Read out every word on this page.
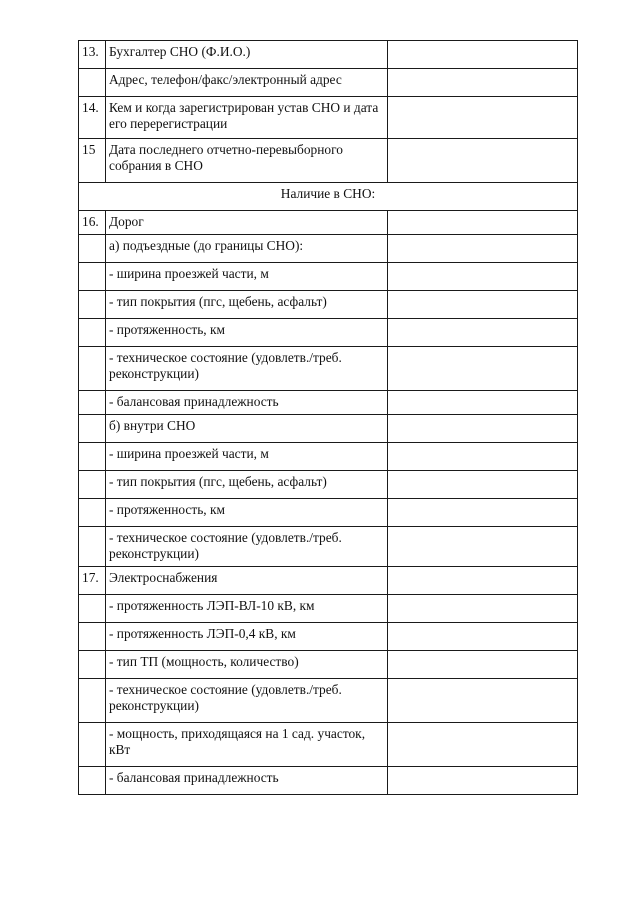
13.	Бухгалтер СНО (Ф.И.О.)	
	Адрес, телефон/факс/электронный адрес	
14.	Кем и когда зарегистрирован устав СНО и дата его перерегистрации	
15	Дата последнего отчетно-перевыборного собрания в СНО	
Наличие в СНО:		
16.	Дорог	
	а) подъездные (до границы СНО):	
	- ширина проезжей части, м	
	- тип покрытия (пгс, щебень, асфальт)	
	- протяженность, км	
	- техническое состояние (удовлетв./треб. реконструкции)	
	- балансовая принадлежность	
	б) внутри СНО	
	- ширина проезжей части, м	
	- тип покрытия (пгс, щебень, асфальт)	
	- протяженность, км	
	- техническое состояние (удовлетв./треб. реконструкции)	
17.	Электроснабжения	
	- протяженность ЛЭП-ВЛ-10 кВ, км	
	- протяженность ЛЭП-0,4 кВ, км	
	- тип ТП (мощность, количество)	
	- техническое состояние (удовлетв./треб. реконструкции)	
	- мощность, приходящаяся на 1 сад. участок, кВт	
	- балансовая принадлежность	
